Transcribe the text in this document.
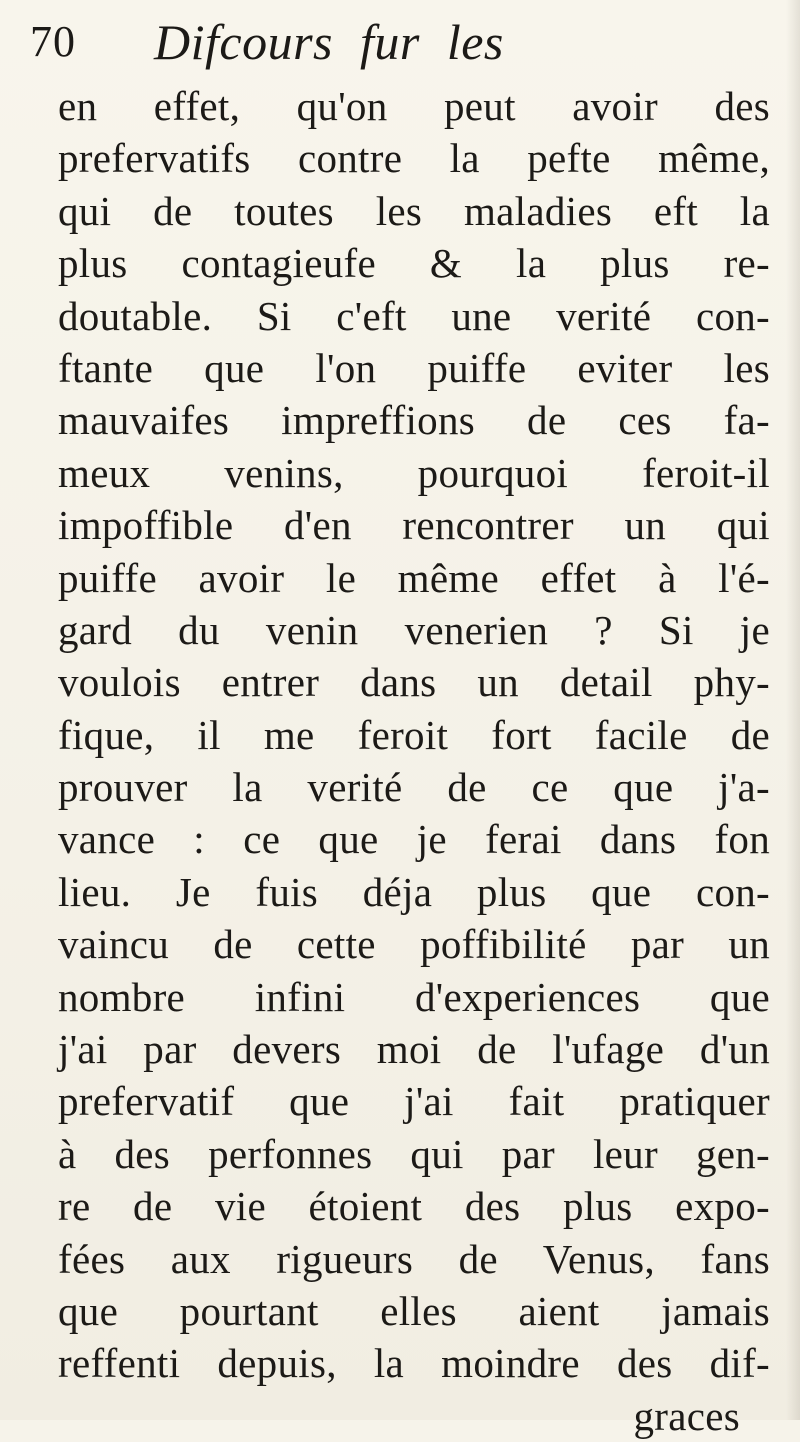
70 Difcours fur les
en effet, qu'on peut avoir des
prefervatifs contre la pefte même,
qui de toutes les maladies eft la
plus contagieufe & la plus re-
doutable. Si c'eft une verité con-
ftante que l'on puiffe eviter les
mauvaifes impreffions de ces fa-
meux venins, pourquoi feroit-il
impoffible d'en rencontrer un qui
puiffe avoir le même effet à l'é-
gard du venin venerien ? Si je
voulois entrer dans un detail phy-
fique, il me feroit fort facile de
prouver la verité de ce que j'a-
vance : ce que je ferai dans fon
lieu. Je fuis déja plus que con-
vaincu de cette poffibilité par un
nombre infini d'experiences que
j'ai par devers moi de l'ufage d'un
prefervatif que j'ai fait pratiquer
à des perfonnes qui par leur gen-
re de vie étoient des plus expo-
fées aux rigueurs de Venus, fans
que pourtant elles aient jamais
reffenti depuis, la moindre des dif-
graces
